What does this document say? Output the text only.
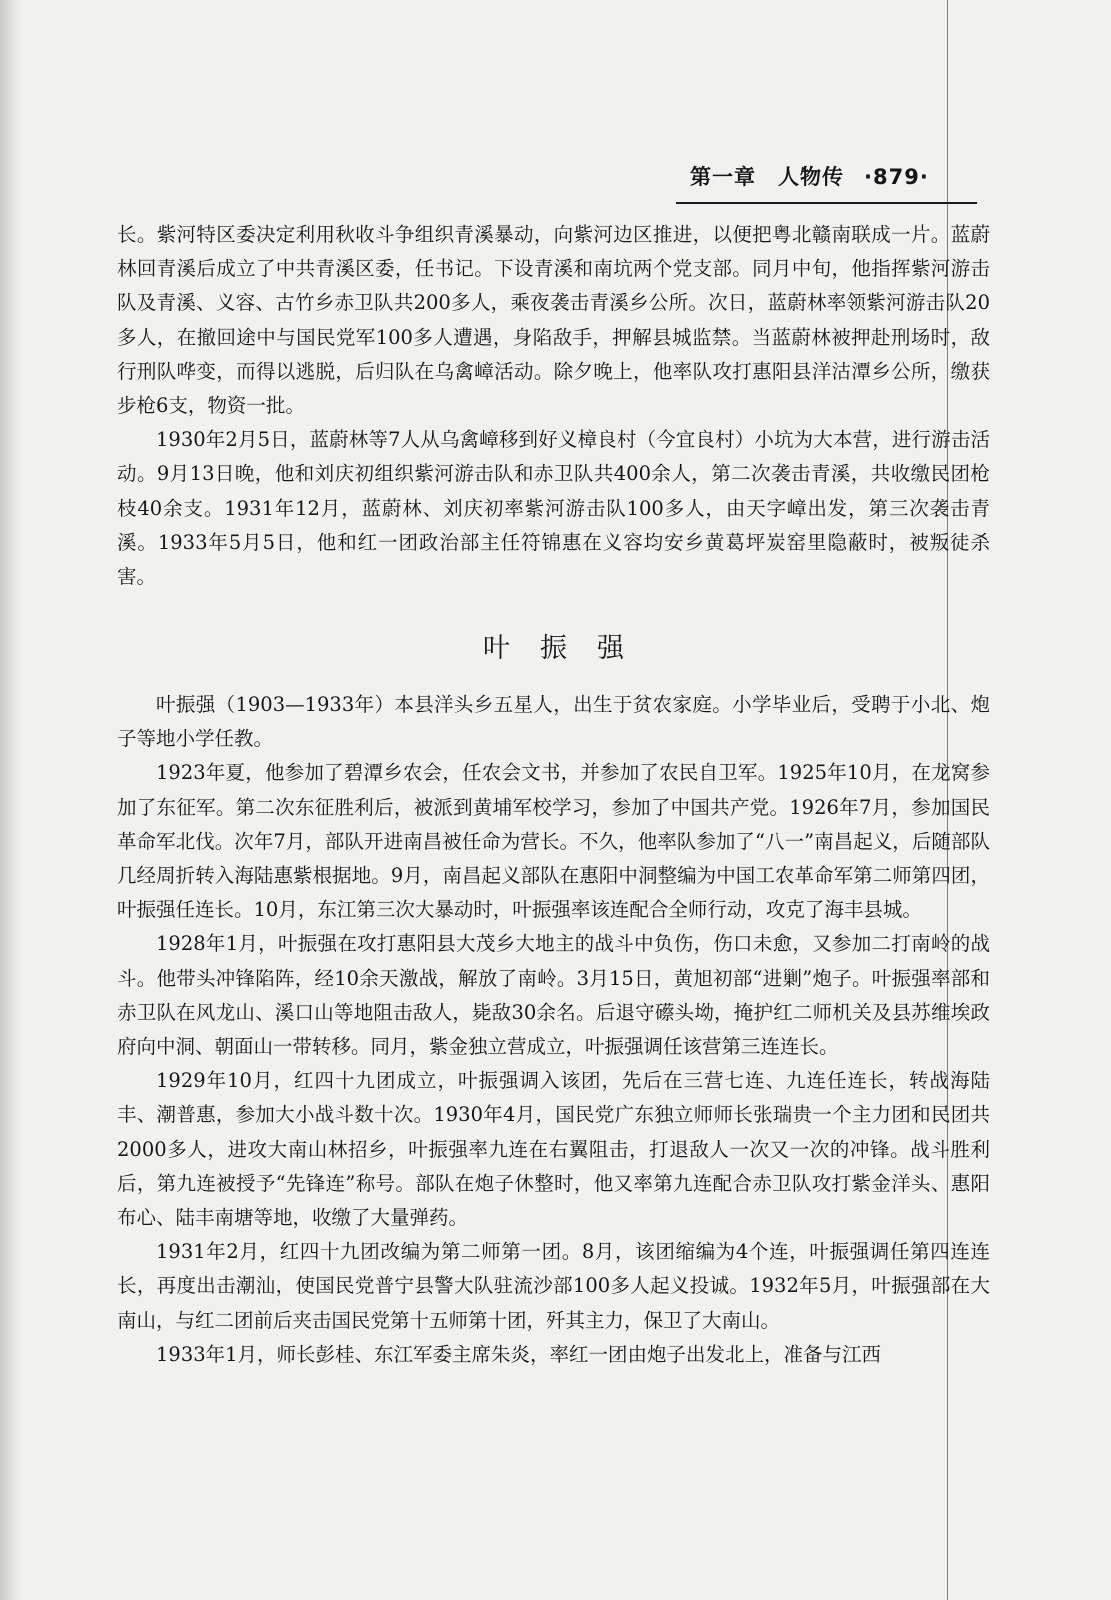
第一章 人物传 ·879·

长。紫河特区委决定利用秋收斗争组织青溪暴动，向紫河边区推进，以便把粤北赣南联成一片。蓝蔚林回青溪后成立了中共青溪区委，任书记。下设青溪和南坑两个党支部。同月中旬，他指挥紫河游击队及青溪、义容、古竹乡赤卫队共200多人，乘夜袭击青溪乡公所。次日，蓝蔚林率领紫河游击队20多人，在撤回途中与国民党军100多人遭遇，身陷敌手，押解县城监禁。当蓝蔚林被押赴刑场时，敌行刑队哗变，而得以逃脱，后归队在乌禽嶂活动。除夕晚上，他率队攻打惠阳县洋沽潭乡公所，缴获步枪6支，物资一批。

1930年2月5日，蓝蔚林等7人从乌禽嶂移到好义樟良村（今宜良村）小坑为大本营，进行游击活动。9月13日晚，他和刘庆初组织紫河游击队和赤卫队共400余人，第二次袭击青溪，共收缴民团枪枝40余支。1931年12月，蓝蔚林、刘庆初率紫河游击队100多人，由天字嶂出发，第三次袭击青溪。1933年5月5日，他和红一团政治部主任符锦惠在义容均安乡黄葛坪炭窑里隐蔽时，被叛徒杀害。

叶振强

叶振强（1903—1933年）本县洋头乡五星人，出生于贫农家庭。小学毕业后，受聘于小北、炮子等地小学任教。

1923年夏，他参加了碧潭乡农会，任农会文书，并参加了农民自卫军。1925年10月，在龙窝参加了东征军。第二次东征胜利后，被派到黄埔军校学习，参加了中国共产党。1926年7月，参加国民革命军北伐。次年7月，部队开进南昌被任命为营长。不久，他率队参加了“八一”南昌起义，后随部队几经周折转入海陆惠紫根据地。9月，南昌起义部队在惠阳中洞整编为中国工农革命军第二师第四团，叶振强任连长。10月，东江第三次大暴动时，叶振强率该连配合全师行动，攻克了海丰县城。

1928年1月，叶振强在攻打惠阳县大茂乡大地主的战斗中负伤，伤口未愈，又参加二打南岭的战斗。他带头冲锋陷阵，经10余天激战，解放了南岭。3月15日，黄旭初部“进剿”炮子。叶振强率部和赤卫队在风龙山、溪口山等地阻击敌人，毙敌30余名。后退守礤头坳，掩护红二师机关及县苏维埃政府向中洞、朝面山一带转移。同月，紫金独立营成立，叶振强调任该营第三连连长。

1929年10月，红四十九团成立，叶振强调入该团，先后在三营七连、九连任连长，转战海陆丰、潮普惠，参加大小战斗数十次。1930年4月，国民党广东独立师师长张瑞贵一个主力团和民团共2000多人，进攻大南山林招乡，叶振强率九连在右翼阻击，打退敌人一次又一次的冲锋。战斗胜利后，第九连被授予“先锋连”称号。部队在炮子休整时，他又率第九连配合赤卫队攻打紫金洋头、惠阳布心、陆丰南塘等地，收缴了大量弹药。

1931年2月，红四十九团改编为第二师第一团。8月，该团缩编为4个连，叶振强调任第四连连长，再度出击潮汕，使国民党普宁县警大队驻流沙部100多人起义投诚。1932年5月，叶振强部在大南山，与红二团前后夹击国民党第十五师第十团，歼其主力，保卫了大南山。

1933年1月，师长彭桂、东江军委主席朱炎，率红一团由炮子出发北上，准备与江西
